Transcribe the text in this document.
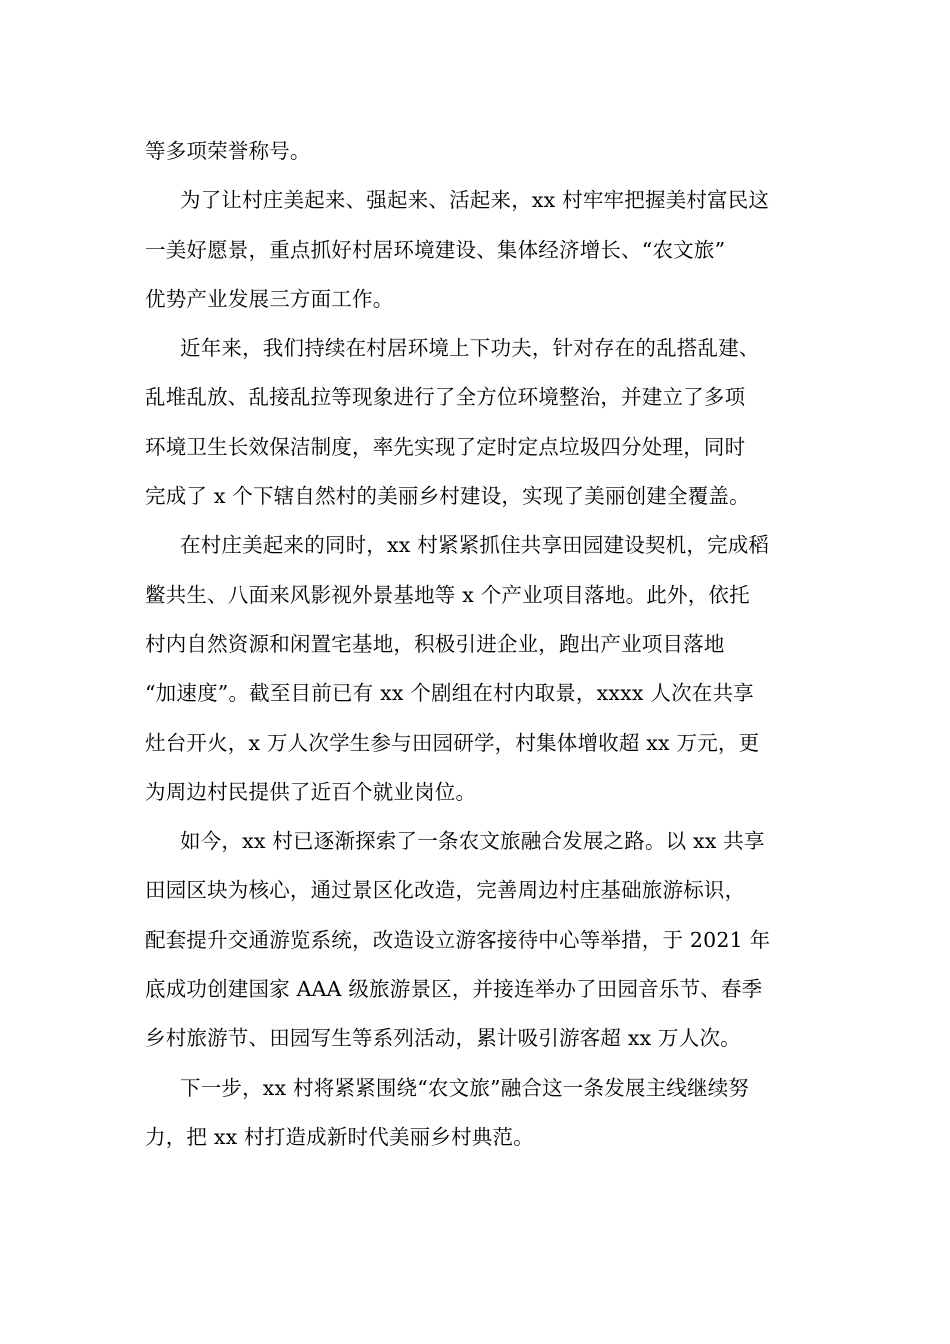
等多项荣誉称号。
为了让村庄美起来、强起来、活起来，xx 村牢牢把握美村富民这
一美好愿景，重点抓好村居环境建设、集体经济增长、“农文旅”
优势产业发展三方面工作。
近年来，我们持续在村居环境上下功夫，针对存在的乱搭乱建、
乱堆乱放、乱接乱拉等现象进行了全方位环境整治，并建立了多项
环境卫生长效保洁制度，率先实现了定时定点垃圾四分处理，同时
完成了 x 个下辖自然村的美丽乡村建设，实现了美丽创建全覆盖。
在村庄美起来的同时，xx 村紧紧抓住共享田园建设契机，完成稻
鳖共生、八面来风影视外景基地等 x 个产业项目落地。此外，依托
村内自然资源和闲置宅基地，积极引进企业，跑出产业项目落地
“加速度”。截至目前已有 xx 个剧组在村内取景，xxxx 人次在共享
灶台开火，x 万人次学生参与田园研学，村集体增收超 xx 万元，更
为周边村民提供了近百个就业岗位。
如今，xx 村已逐渐探索了一条农文旅融合发展之路。以 xx 共享
田园区块为核心，通过景区化改造，完善周边村庄基础旅游标识，
配套提升交通游览系统，改造设立游客接待中心等举措，于 2021 年
底成功创建国家 AAA 级旅游景区，并接连举办了田园音乐节、春季
乡村旅游节、田园写生等系列活动，累计吸引游客超 xx 万人次。
下一步，xx 村将紧紧围绕“农文旅”融合这一条发展主线继续努
力，把 xx 村打造成新时代美丽乡村典范。
